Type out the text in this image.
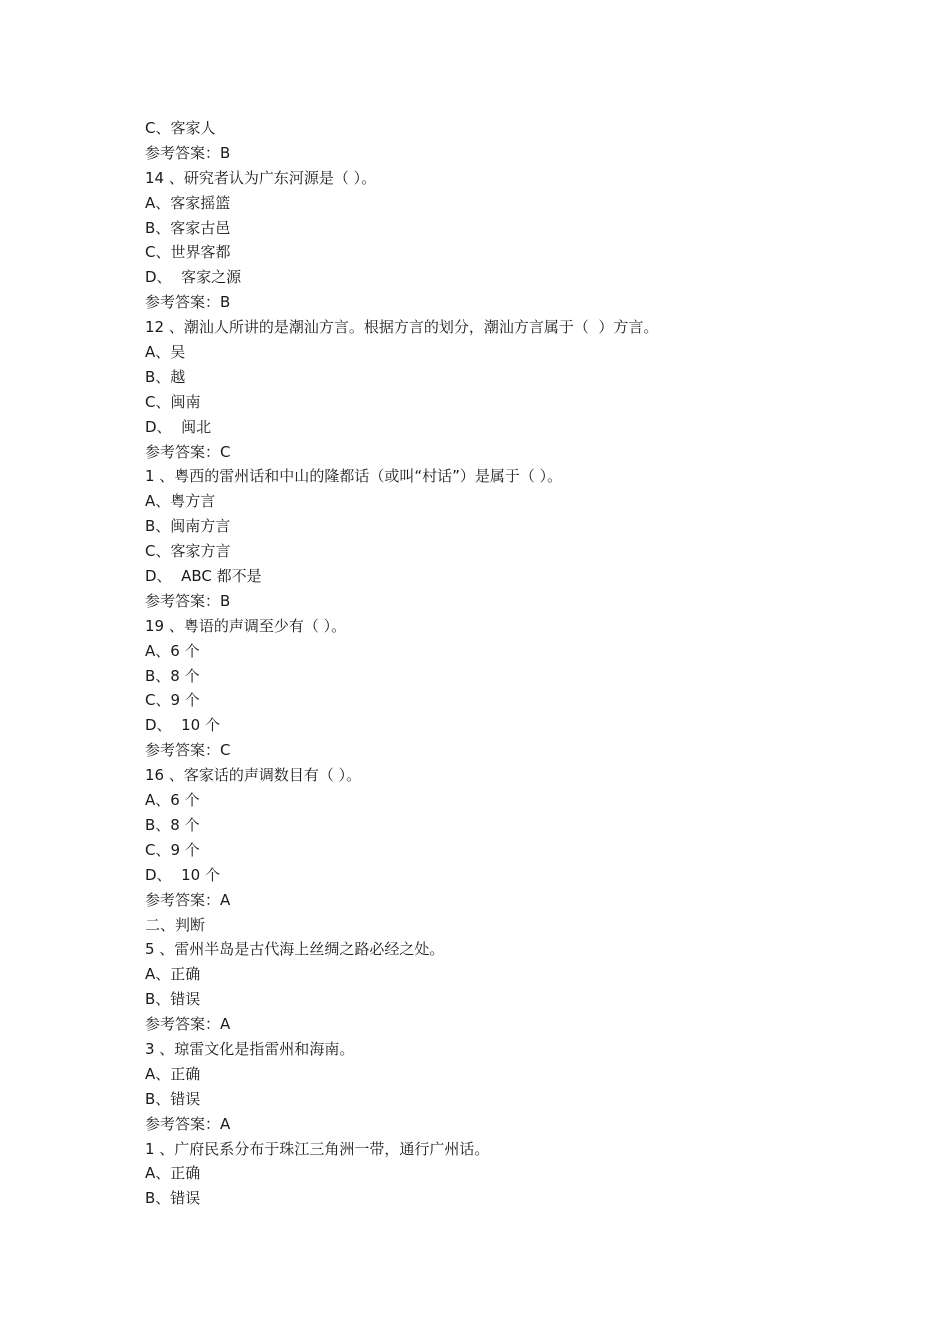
C、客家人
参考答案：B
14 、研究者认为广东河源是（ ）。
A、客家摇篮
B、客家古邑
C、世界客都
D、  客家之源
参考答案：B
12 、潮汕人所讲的是潮汕方言。根据方言的划分，潮汕方言属于（  ）方言。
A、吴
B、越
C、闽南
D、  闽北
参考答案：C
1 、粤西的雷州话和中山的隆都话（或叫“村话”）是属于（ ）。
A、粤方言
B、闽南方言
C、客家方言
D、  ABC 都不是
参考答案：B
19 、粤语的声调至少有（ ）。
A、6 个
B、8 个
C、9 个
D、  10 个
参考答案：C
16 、客家话的声调数目有（ ）。
A、6 个
B、8 个
C、9 个
D、  10 个
参考答案：A
二、判断
5 、雷州半岛是古代海上丝绸之路必经之处。
A、正确
B、错误
参考答案：A
3 、琼雷文化是指雷州和海南。
A、正确
B、错误
参考答案：A
1 、广府民系分布于珠江三角洲一带，通行广州话。
A、正确
B、错误
